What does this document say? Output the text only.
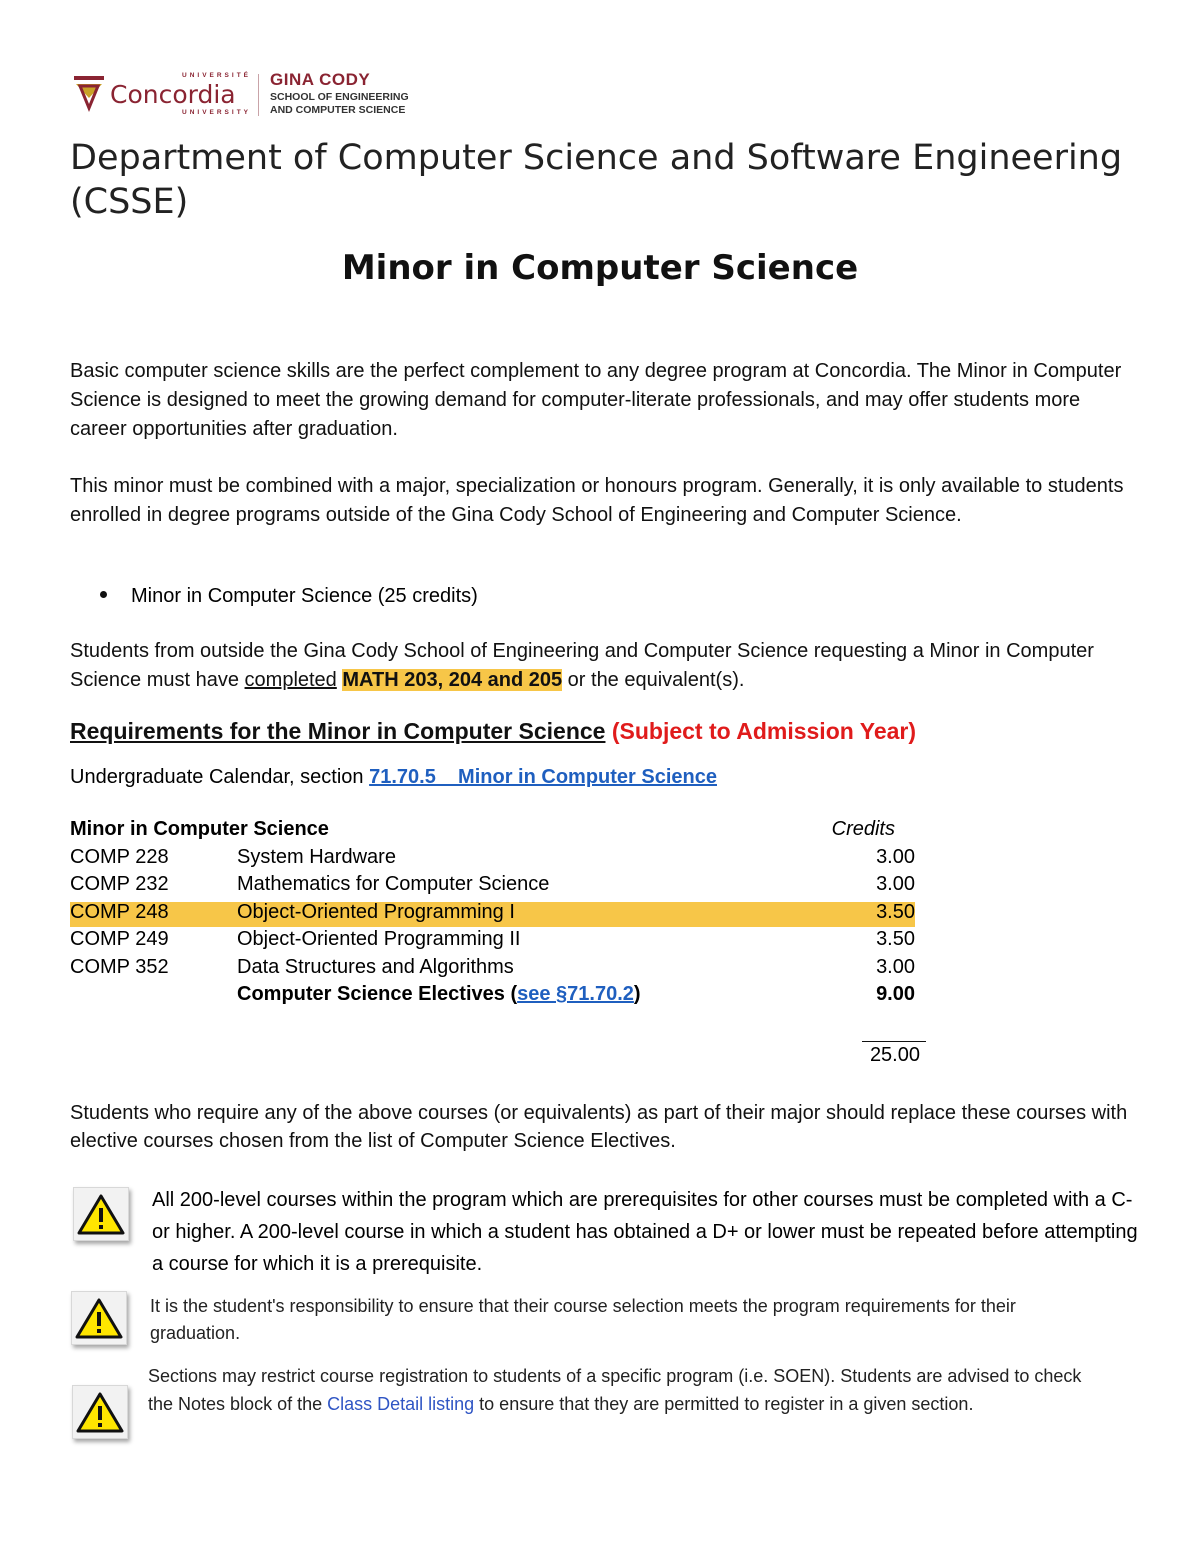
UNIVERSITÉ
Concordia
UNIVERSITY
GINA CODY
SCHOOL OF ENGINEERING
AND COMPUTER SCIENCE
Department of Computer Science and Software Engineering (CSSE)
Minor in Computer Science
Basic computer science skills are the perfect complement to any degree program at Concordia. The Minor in Computer Science is designed to meet the growing demand for computer-literate professionals, and may offer students more career opportunities after graduation.
This minor must be combined with a major, specialization or honours program. Generally, it is only available to students enrolled in degree programs outside of the Gina Cody School of Engineering and Computer Science.
Minor in Computer Science (25 credits)
Students from outside the Gina Cody School of Engineering and Computer Science requesting a Minor in Computer Science must have completed MATH 203, 204 and 205 or the equivalent(s).
Requirements for the Minor in Computer Science (Subject to Admission Year)
Undergraduate Calendar, section 71.70.5    Minor in Computer Science
Minor in Computer Science	Credits
COMP 228	System Hardware	3.00
COMP 232	Mathematics for Computer Science	3.00
COMP 248	Object-Oriented Programming I	3.50
COMP 249	Object-Oriented Programming II	3.50
COMP 352	Data Structures and Algorithms	3.00
Computer Science Electives (see §71.70.2)	9.00
25.00
Students who require any of the above courses (or equivalents) as part of their major should replace these courses with elective courses chosen from the list of Computer Science Electives.
All 200-level courses within the program which are prerequisites for other courses must be completed with a C- or higher. A 200-level course in which a student has obtained a D+ or lower must be repeated before attempting a course for which it is a prerequisite.
It is the student's responsibility to ensure that their course selection meets the program requirements for their graduation.
Sections may restrict course registration to students of a specific program (i.e. SOEN). Students are advised to check the Notes block of the Class Detail listing to ensure that they are permitted to register in a given section.
